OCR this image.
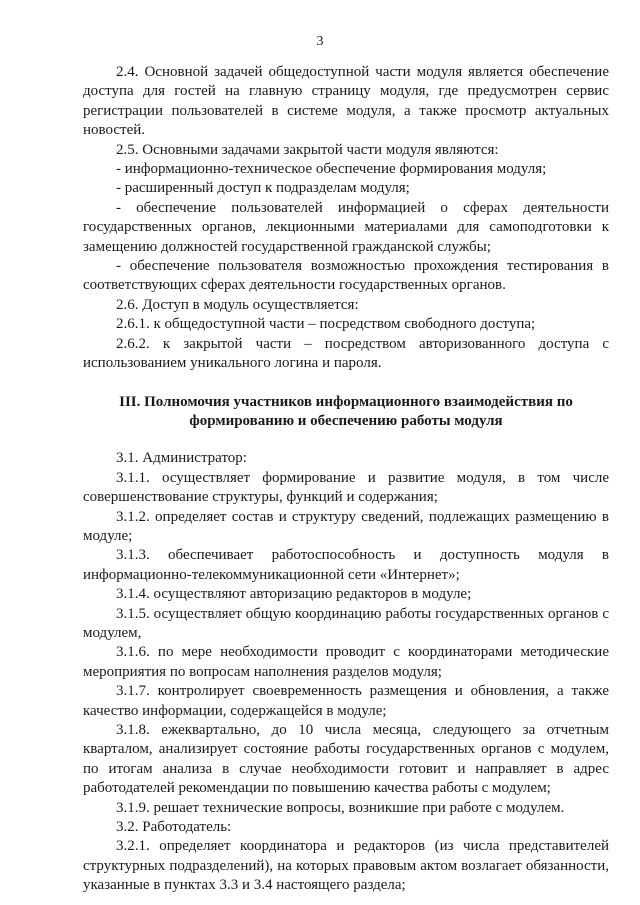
3

2.4. Основной задачей общедоступной части модуля является обеспечение доступа для гостей на главную страницу модуля, где предусмотрен сервис регистрации пользователей в системе модуля, а также просмотр актуальных новостей.

2.5. Основными задачами закрытой части модуля являются:

- информационно-техническое обеспечение формирования модуля;

- расширенный доступ к подразделам модуля;

- обеспечение пользователей информацией о сферах деятельности государственных органов, лекционными материалами для самоподготовки к замещению должностей государственной гражданской службы;

- обеспечение пользователя возможностью прохождения тестирования в соответствующих сферах деятельности государственных органов.

2.6. Доступ в модуль осуществляется:

2.6.1. к общедоступной части – посредством свободного доступа;

2.6.2. к закрытой части – посредством авторизованного доступа с использованием уникального логина и пароля.

III. Полномочия участников информационного взаимодействия по
формированию и обеспечению работы модуля

3.1. Администратор:

3.1.1. осуществляет формирование и развитие модуля, в том числе совершенствование структуры, функций и содержания;

3.1.2. определяет состав и структуру сведений, подлежащих размещению в модуле;

3.1.3. обеспечивает работоспособность и доступность модуля в информационно-телекоммуникационной сети «Интернет»;

3.1.4. осуществляют авторизацию редакторов в модуле;

3.1.5. осуществляет общую координацию работы государственных органов с модулем,

3.1.6. по мере необходимости проводит с координаторами методические мероприятия по вопросам наполнения разделов модуля;

3.1.7. контролирует своевременность размещения и обновления, а также качество информации, содержащейся в модуле;

3.1.8. ежеквартально, до 10 числа месяца, следующего за отчетным кварталом, анализирует состояние работы государственных органов с модулем, по итогам анализа в случае необходимости готовит и направляет в адрес работодателей рекомендации по повышению качества работы с модулем;

3.1.9. решает технические вопросы, возникшие при работе с модулем.

3.2. Работодатель:

3.2.1. определяет координатора и редакторов (из числа представителей структурных подразделений), на которых правовым актом возлагает обязанности, указанные в пунктах 3.3 и 3.4 настоящего раздела;
